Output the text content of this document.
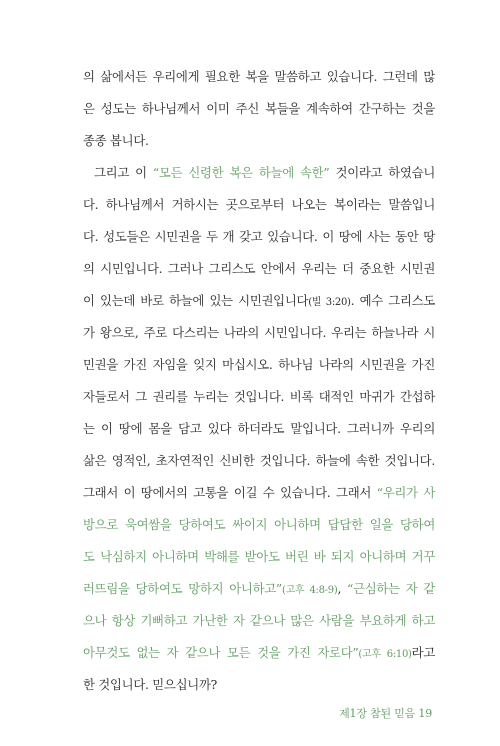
의 삶에서든 우리에게 필요한 복을 말씀하고 있습니다. 그런데 많
은 성도는 하나님께서 이미 주신 복들을 계속하여 간구하는 것을
종종 봅니다.
그리고 이 “모든 신령한 복은 하늘에 속한” 것이라고 하였습니
다. 하나님께서 거하시는 곳으로부터 나오는 복이라는 말씀입니
다. 성도들은 시민권을 두 개 갖고 있습니다. 이 땅에 사는 동안 땅
의 시민입니다. 그러나 그리스도 안에서 우리는 더 중요한 시민권
이 있는데 바로 하늘에 있는 시민권입니다(빌 3:20). 예수 그리스도
가 왕으로, 주로 다스리는 나라의 시민입니다. 우리는 하늘나라 시
민권을 가진 자임을 잊지 마십시오. 하나님 나라의 시민권을 가진
자들로서 그 권리를 누리는 것입니다. 비록 대적인 마귀가 간섭하
는 이 땅에 몸을 담고 있다 하더라도 말입니다. 그러니까 우리의
삶은 영적인, 초자연적인 신비한 것입니다. 하늘에 속한 것입니다.
그래서 이 땅에서의 고통을 이길 수 있습니다. 그래서 “우리가 사
방으로 욱여쌈을 당하여도 싸이지 아니하며 답답한 일을 당하여
도 낙심하지 아니하며 박해를 받아도 버린 바 되지 아니하며 거꾸
러뜨림을 당하여도 망하지 아니하고”(고후 4:8-9), “근심하는 자 같
으나 항상 기뻐하고 가난한 자 같으나 많은 사람을 부요하게 하고
아무것도 없는 자 같으나 모든 것을 가진 자로다”(고후 6:10)라고
한 것입니다. 믿으십니까?
제1장 참된 믿음 19
